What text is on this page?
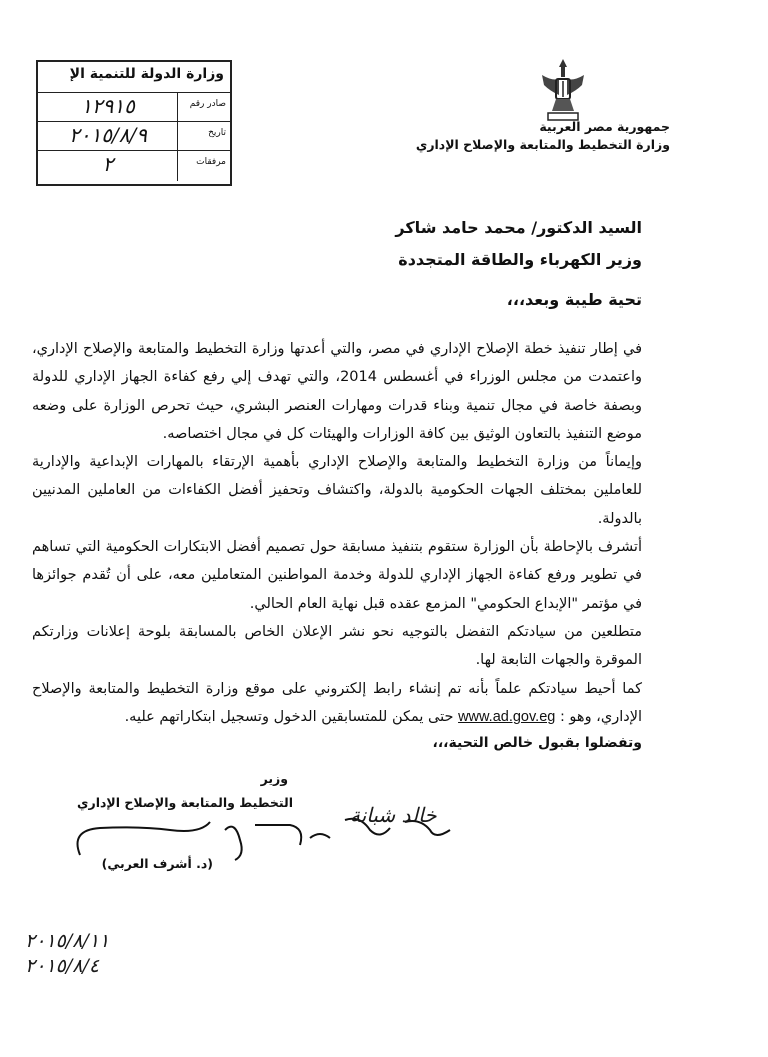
جمهورية مصر العربية
وزارة التخطيط والمتابعة والإصلاح الإداري
وزارة الدولة للتنمية الإ
صادر رقم
١٢٩١٥
تاريخ
٢٠١٥/٨/٩
مرفقات
٢
السيد الدكتور/ محمد حامد شاكر
وزير الكهرباء والطاقة المتجددة
تحية طيبة وبعد،،،

في إطار تنفيذ خطة الإصلاح الإداري في مصر، والتي أعدتها وزارة التخطيط والمتابعة والإصلاح الإداري، واعتمدت من مجلس الوزراء في أغسطس 2014، والتي تهدف إلي رفع كفاءة الجهاز الإداري للدولة وبصفة خاصة في مجال تنمية وبناء قدرات ومهارات العنصر البشري، حيث تحرص الوزارة على وضعه موضع التنفيذ بالتعاون الوثيق بين كافة الوزارات والهيئات كل في مجال اختصاصه.

وإيماناً من وزارة التخطيط والمتابعة والإصلاح الإداري بأهمية الإرتقاء بالمهارات الإبداعية والإدارية للعاملين بمختلف الجهات الحكومية بالدولة، واكتشاف وتحفيز أفضل الكفاءات من العاملين المدنيين بالدولة.

أتشرف بالإحاطة بأن الوزارة ستقوم بتنفيذ مسابقة حول تصميم أفضل الابتكارات الحكومية التي تساهم في تطوير ورفع كفاءة الجهاز الإداري للدولة وخدمة المواطنين المتعاملين معه، على أن تُقدم جوائزها في مؤتمر "الإبداع الحكومي" المزمع عقده قبل نهاية العام الحالي.

متطلعين من سيادتكم التفضل بالتوجيه نحو نشر الإعلان الخاص بالمسابقة بلوحة إعلانات وزارتكم الموقرة والجهات التابعة لها.

كما أحيط سيادتكم علماً بأنه تم إنشاء رابط إلكتروني على موقع وزارة التخطيط والمتابعة والإصلاح الإداري، وهو : www.ad.gov.eg حتى يمكن للمتسابقين الدخول وتسجيل ابتكاراتهم عليه.

وتفضلوا بقبول خالص التحية،،،
وزير
التخطيط والمتابعة والإصلاح الإداري
خالد شبانة
(د. أشرف العربي)
٢٠١٥/٨/١١
٢٠١٥/٨/٤
